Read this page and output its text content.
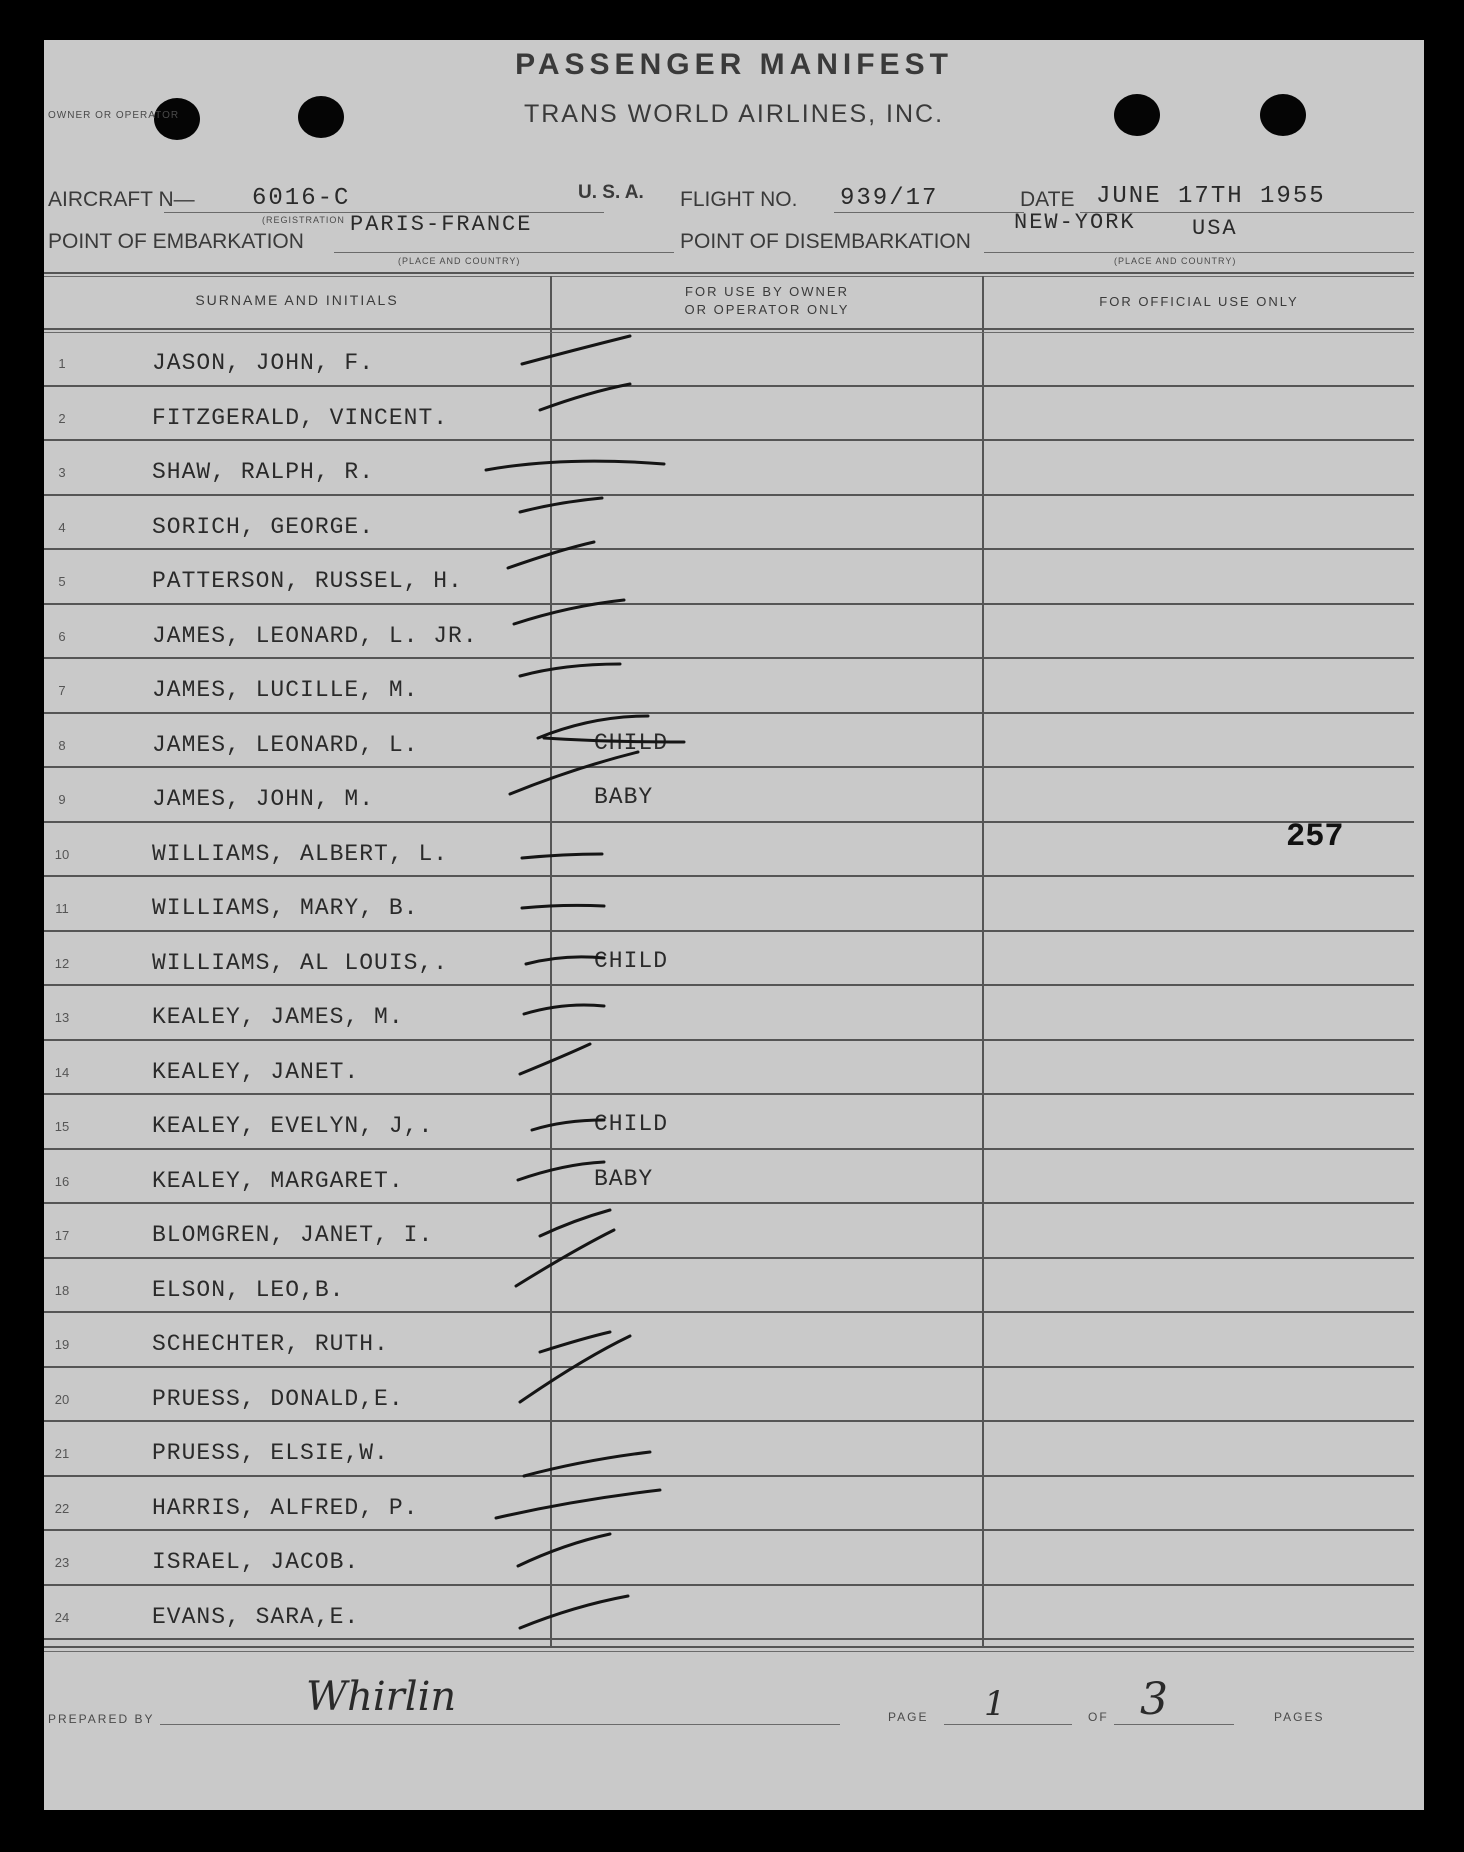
PASSENGER MANIFEST
OWNER OR OPERATOR	TRANS WORLD AIRLINES, INC.
AIRCRAFT N— 6016-C
(REGISTRATION
U. S. A. FLIGHT NO. 939/17	DATE JUNE 17TH 1955
POINT OF EMBARKATION
PARIS-FRANCE
(PLACE AND COUNTRY)
POINT OF DISEMBARKATION
NEW-YORK	USA
(PLACE AND COUNTRY)
SURNAME AND INITIALS
FOR USE BY OWNER
OR OPERATOR ONLY
FOR OFFICIAL USE ONLY
1	JASON, JOHN, F.
2	FITZGERALD, VINCENT.
3	SHAW, RALPH, R.
4	SORICH, GEORGE.
5	PATTERSON, RUSSEL, H.
6	JAMES, LEONARD, L. JR.
7	JAMES, LUCILLE, M.
8	JAMES, LEONARD, L.	CHILD
9	JAMES, JOHN, M.	BABY
10	WILLIAMS, ALBERT, L.
11	WILLIAMS, MARY, B.
12	WILLIAMS, AL LOUIS,.	CHILD
13	KEALEY, JAMES, M.
14	KEALEY, JANET.
15	KEALEY, EVELYN, J,.	CHILD
16	KEALEY, MARGARET.	BABY
17	BLOMGREN, JANET, I.
18	ELSON, LEO,B.
19	SCHECHTER, RUTH.
20	PRUESS, DONALD,E.
21	PRUESS, ELSIE,W.
22	HARRIS, ALFRED, P.
23	ISRAEL, JACOB.
24	EVANS, SARA,E.
257
PREPARED BY	Whirlin	PAGE 1	OF 3	PAGES
